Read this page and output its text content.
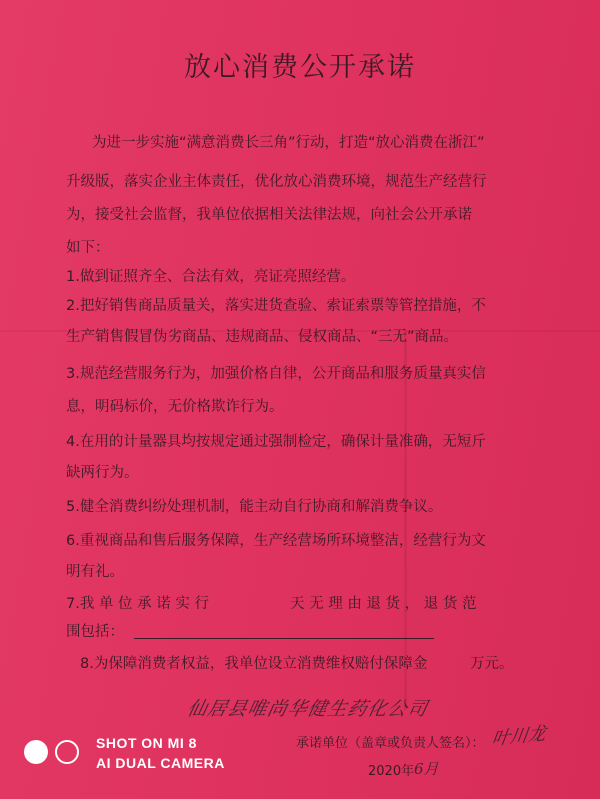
放心消费公开承诺
为进一步实施“满意消费长三角”行动，打造“放心消费在浙江”
升级版，落实企业主体责任，优化放心消费环境，规范生产经营行
为，接受社会监督，我单位依据相关法律法规，向社会公开承诺
如下：
1.做到证照齐全、合法有效，亮证亮照经营。
2.把好销售商品质量关，落实进货查验、索证索票等管控措施，不
生产销售假冒伪劣商品、违规商品、侵权商品、“三无”商品。
3.规范经营服务行为，加强价格自律，公开商品和服务质量真实信
息，明码标价，无价格欺诈行为。
4.在用的计量器具均按规定通过强制检定，确保计量准确，无短斤
缺两行为。
5.健全消费纠纷处理机制，能主动自行协商和解消费争议。
6.重视商品和售后服务保障，生产经营场所环境整洁，经营行为文
明有礼。
7.我 单 位 承 诺 实 行	天 无 理 由 退 货 ， 退 货 范
围包括：
8.为保障消费者权益，我单位设立消费维权赔付保障金	万元。
仙居县唯尚华健生药化公司
承诺单位（盖章或负责人签名）： 叶川龙
2020年 6月
SHOT ON MI 8
AI DUAL CAMERA
